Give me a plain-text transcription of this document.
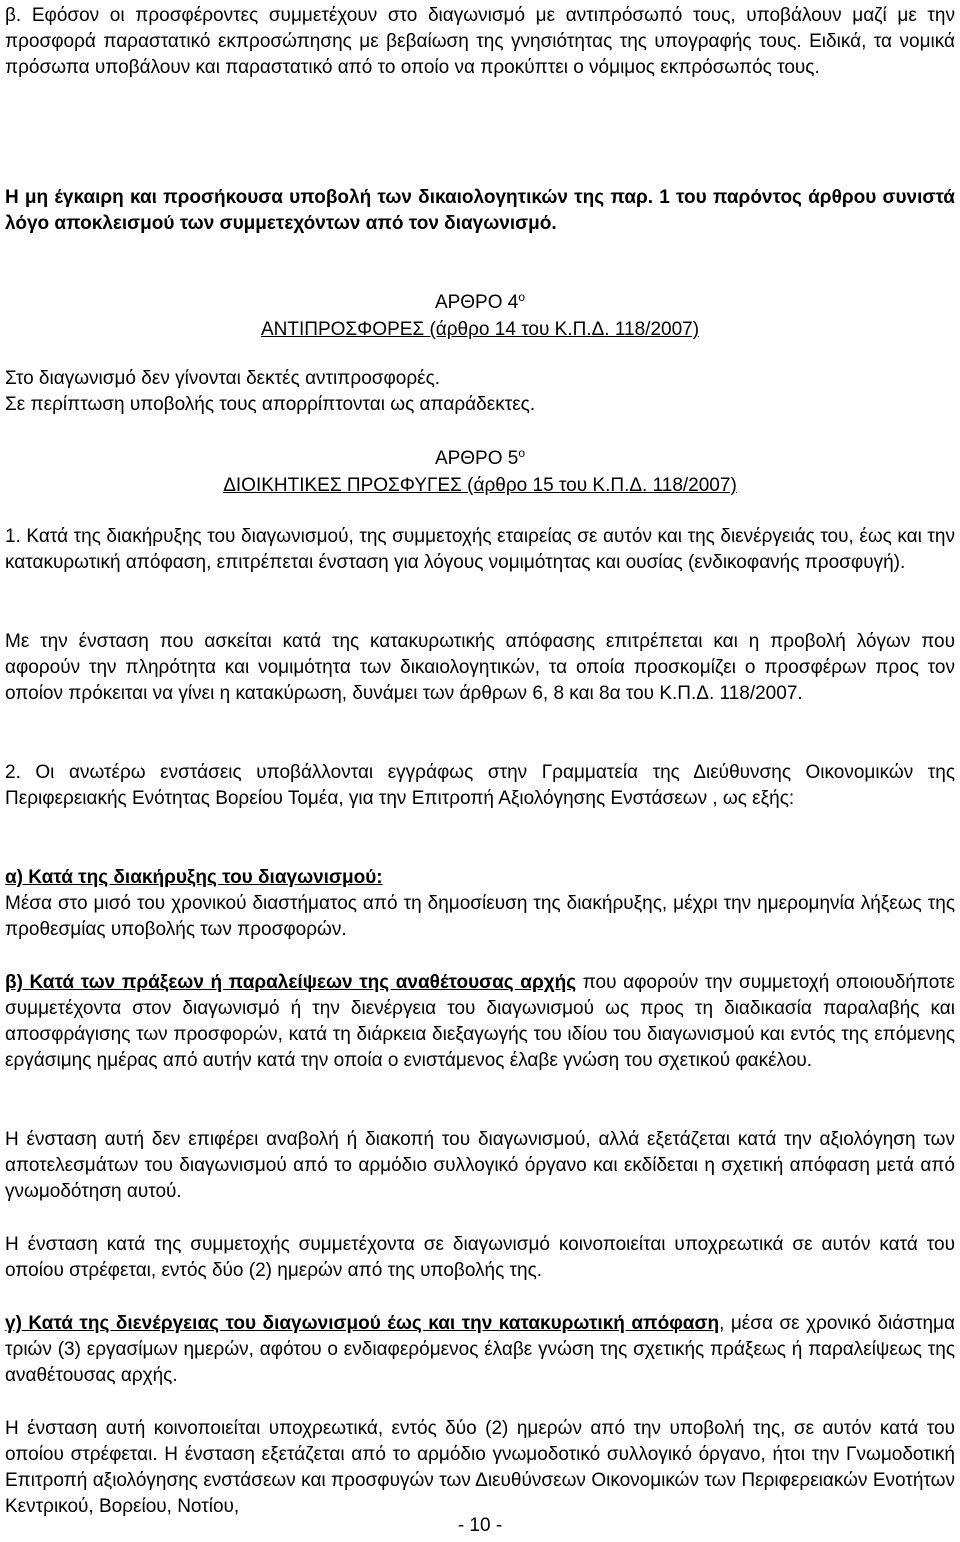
β. Εφόσον οι προσφέροντες συμμετέχουν στο διαγωνισμό με αντιπρόσωπό τους, υποβάλουν μαζί με την προσφορά παραστατικό εκπροσώπησης με βεβαίωση της γνησιότητας της υπογραφής τους. Ειδικά, τα νομικά πρόσωπα υποβάλουν και παραστατικό από το οποίο να προκύπτει ο νόμιμος εκπρόσωπός τους.

Η μη έγκαιρη και προσήκουσα υποβολή των δικαιολογητικών της παρ. 1 του παρόντος άρθρου συνιστά λόγο αποκλεισμού των συμμετεχόντων από τον διαγωνισμό.

ΑΡΘΡΟ $4^o$

ΑΝΤΙΠΡΟΣΦΟΡΕΣ (άρθρο 14 του Κ.Π.Δ. 118/2007)

Στο διαγωνισμό δεν γίνονται δεκτές αντιπροσφορές.

Σε περίπτωση υποβολής τους απορρίπτονται ως απαράδεκτες.

ΑΡΘΡΟ $5^o$

ΔΙΟΙΚΗΤΙΚΕΣ ΠΡΟΣΦΥΓΕΣ (άρθρο 15 του Κ.Π.Δ. 118/2007)

1. Κατά της διακήρυξης του διαγωνισμού, της συμμετοχής εταιρείας σε αυτόν και της διενέργειάς του, έως και την κατακυρωτική απόφαση, επιτρέπεται ένσταση για λόγους νομιμότητας και ουσίας (ενδικοφανής προσφυγή).

Με την ένσταση που ασκείται κατά της κατακυρωτικής απόφασης επιτρέπεται και η προβολή λόγων που αφορούν την πληρότητα και νομιμότητα των δικαιολογητικών, τα οποία προσκομίζει ο προσφέρων προς τον οποίον πρόκειται να γίνει η κατακύρωση, δυνάμει των άρθρων 6, 8 και 8α του Κ.Π.Δ. 118/2007.

2. Οι ανωτέρω ενστάσεις υποβάλλονται εγγράφως στην Γραμματεία της Διεύθυνσης Οικονομικών της Περιφερειακής Ενότητας Βορείου Τομέα, για την Επιτροπή Αξιολόγησης Ενστάσεων , ως εξής:

α) Κατά της διακήρυξης του διαγωνισμού:

Μέσα στο μισό του χρονικού διαστήματος από τη δημοσίευση της διακήρυξης, μέχρι την ημερομηνία λήξεως της προθεσμίας υποβολής των προσφορών.

β) Κατά των πράξεων ή παραλείψεων της αναθέτουσας αρχής που αφορούν την συμμετοχή οποιουδήποτε συμμετέχοντα στον διαγωνισμό ή την διενέργεια του διαγωνισμού ως προς τη διαδικασία παραλαβής και αποσφράγισης των προσφορών, κατά τη διάρκεια διεξαγωγής του ιδίου του διαγωνισμού και εντός της επόμενης εργάσιμης ημέρας από αυτήν κατά την οποία ο ενιστάμενος έλαβε γνώση του σχετικού φακέλου.

Η ένσταση αυτή δεν επιφέρει αναβολή ή διακοπή του διαγωνισμού, αλλά εξετάζεται κατά την αξιολόγηση των αποτελεσμάτων του διαγωνισμού από το αρμόδιο συλλογικό όργανο και εκδίδεται η σχετική απόφαση μετά από γνωμοδότηση αυτού.

Η ένσταση κατά της συμμετοχής συμμετέχοντα σε διαγωνισμό κοινοποιείται υποχρεωτικά σε αυτόν κατά του οποίου στρέφεται, εντός δύο (2) ημερών από της υποβολής της.

γ) Κατά της διενέργειας του διαγωνισμού έως και την κατακυρωτική απόφαση, μέσα σε χρονικό διάστημα τριών (3) εργασίμων ημερών, αφότου ο ενδιαφερόμενος έλαβε γνώση της σχετικής πράξεως ή παραλείψεως της αναθέτουσας αρχής.

Η ένσταση αυτή κοινοποιείται υποχρεωτικά, εντός δύο (2) ημερών από την υποβολή της, σε αυτόν κατά του οποίου στρέφεται. Η ένσταση εξετάζεται από το αρμόδιο γνωμοδοτικό συλλογικό όργανο, ήτοι την Γνωμοδοτική Επιτροπή αξιολόγησης ενστάσεων και προσφυγών των Διευθύνσεων Οικονομικών των Περιφερειακών Ενοτήτων Κεντρικού, Βορείου, Νοτίου,

- 10 -
